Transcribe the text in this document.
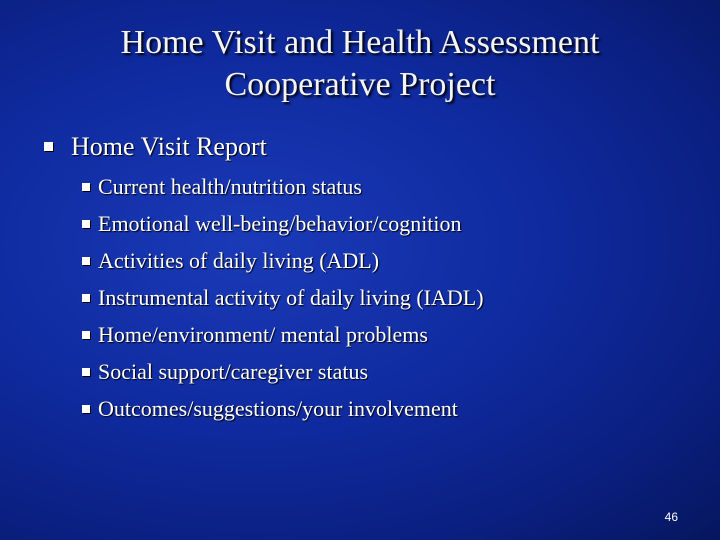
Home Visit and Health Assessment
Cooperative Project
Home Visit Report
Current health/nutrition status
Emotional well-being/behavior/cognition
Activities of daily living (ADL)
Instrumental activity of daily living (IADL)
Home/environment/ mental problems
Social support/caregiver status
Outcomes/suggestions/your involvement
46
